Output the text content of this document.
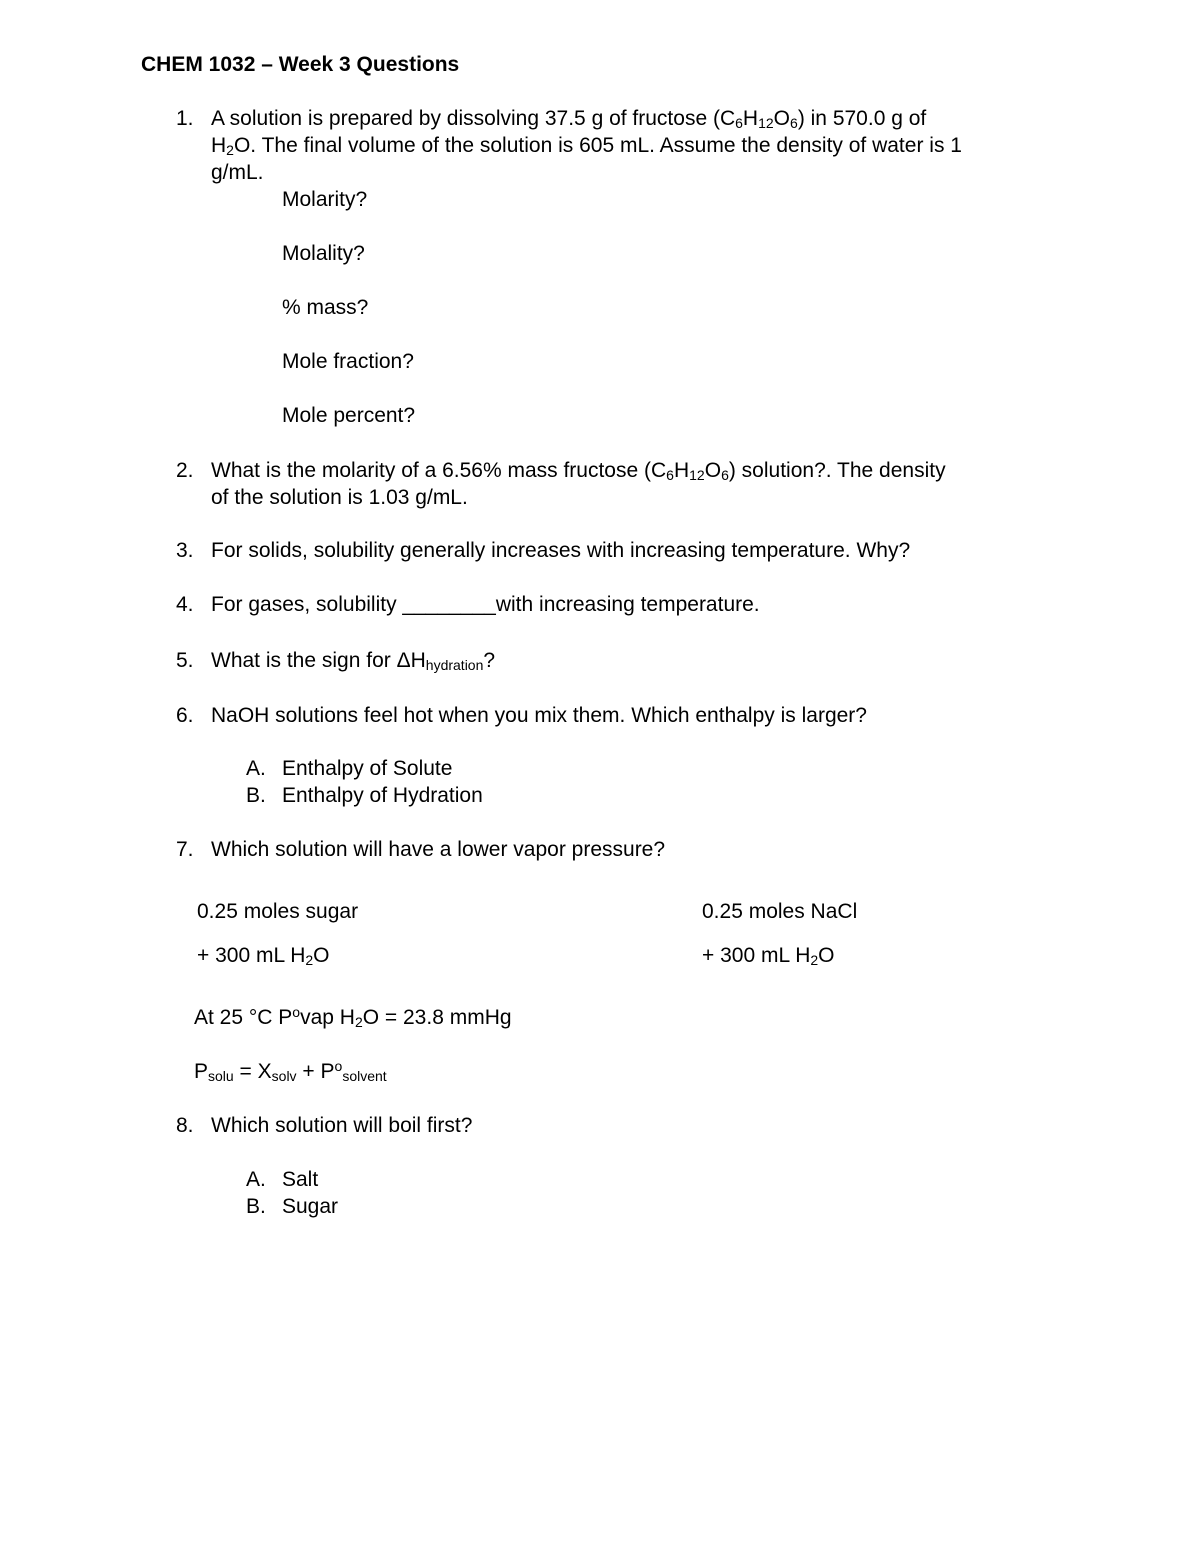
CHEM 1032 – Week 3 Questions
1. A solution is prepared by dissolving 37.5 g of fructose $(C_6H_{12}O_6)$ in 570.0 g of
$H_2O$. The final volume of the solution is 605 mL. Assume the density of water is 1
g/mL.
Molarity?
Molality?
% mass?
Mole fraction?
Mole percent?
2. What is the molarity of a 6.56% mass fructose $(C_6H_{12}O_6)$ solution?. The density
of the solution is 1.03 g/mL.
3. For solids, solubility generally increases with increasing temperature. Why?
4. For gases, solubility ________with increasing temperature.
5. What is the sign for $\Delta H_{hydration}$?
6. NaOH solutions feel hot when you mix them. Which enthalpy is larger?
A. Enthalpy of Solute
B. Enthalpy of Hydration
7. Which solution will have a lower vapor pressure?
0.25 moles sugar
+ 300 mL $H_2O$
0.25 moles NaCl
+ 300 mL $H_2O$
At 25 °C $P^ovap$ $H_2O = 23.8$ mmHg
$P_{solu} = X_{solv} + P^o_{solvent}$
8. Which solution will boil first?
A. Salt
B. Sugar
